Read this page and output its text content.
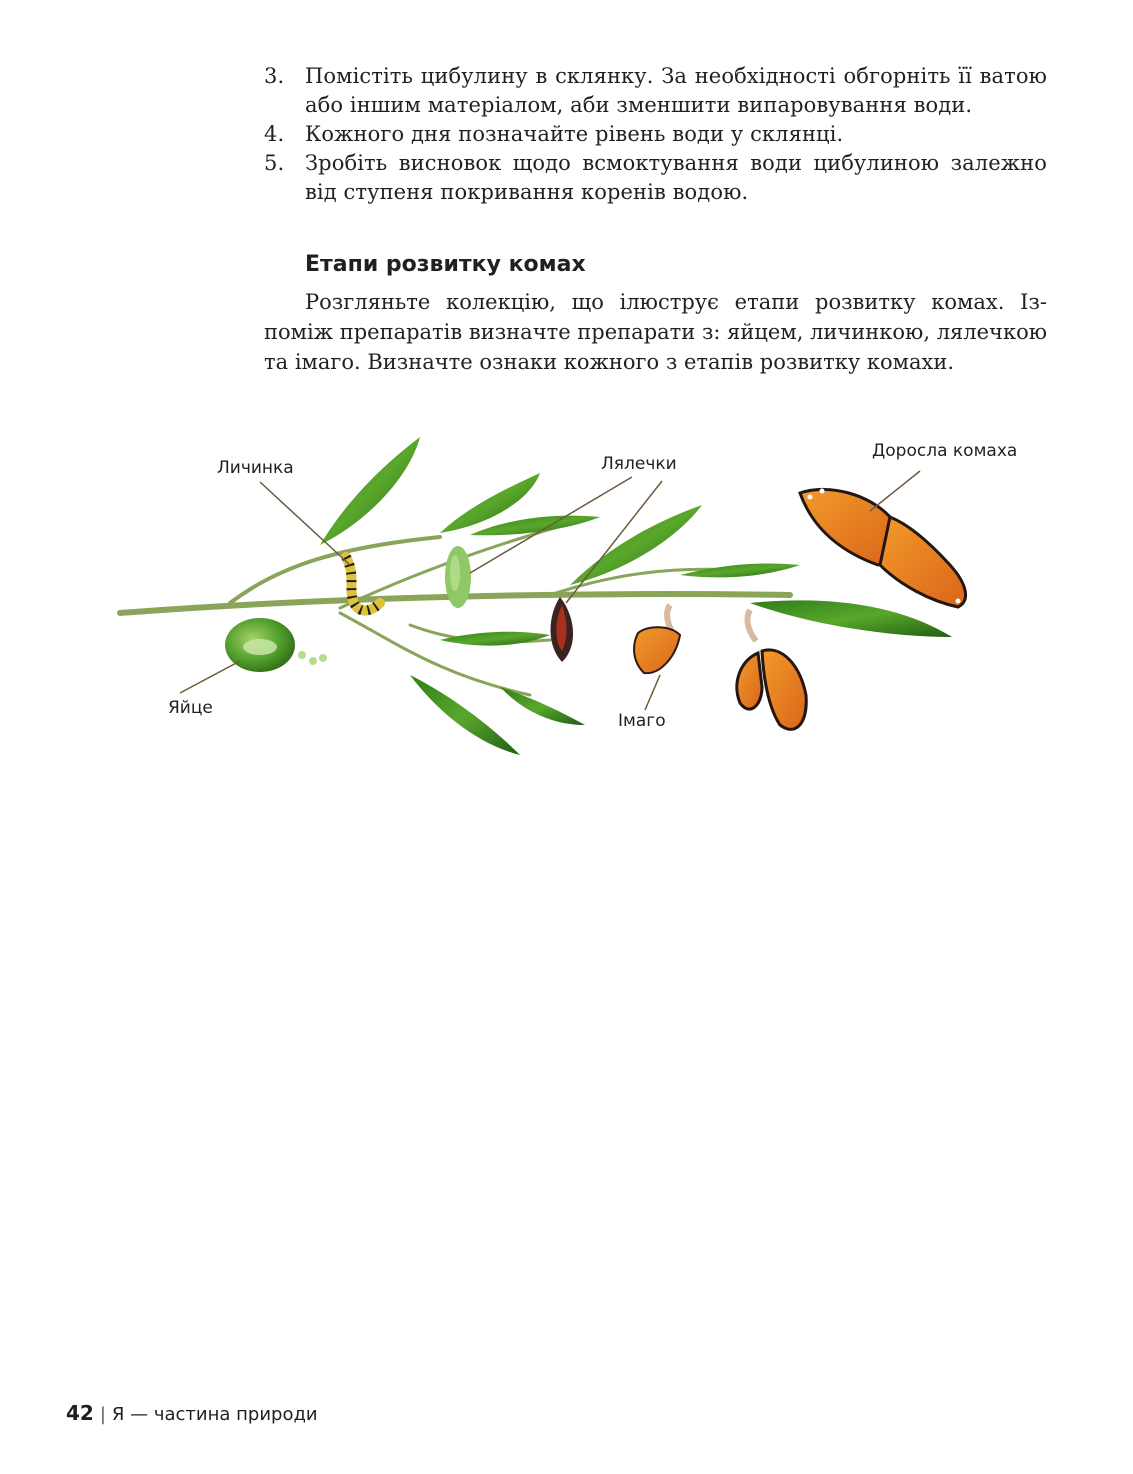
3. Помістіть цибулину в склянку. За необхідності обгорніть її ватою або іншим матеріалом, аби зменшити випаровування води.
4. Кожного дня позначайте рівень води у склянці.
5. Зробіть висновок щодо всмоктування води цибулиною залежно від ступеня покривання коренів водою.
Етапи розвитку комах

Розгляньте колекцію, що ілюструє етапи розвитку комах. Із-поміж препаратів визначте препарати з: яйцем, личинкою, лялечкою та імаго. Визначте ознаки кожного з етапів розвитку комахи.

Личинка	Лялечки
Доросла комаха
Яйце
Імаго
42 | Я — частина природи
